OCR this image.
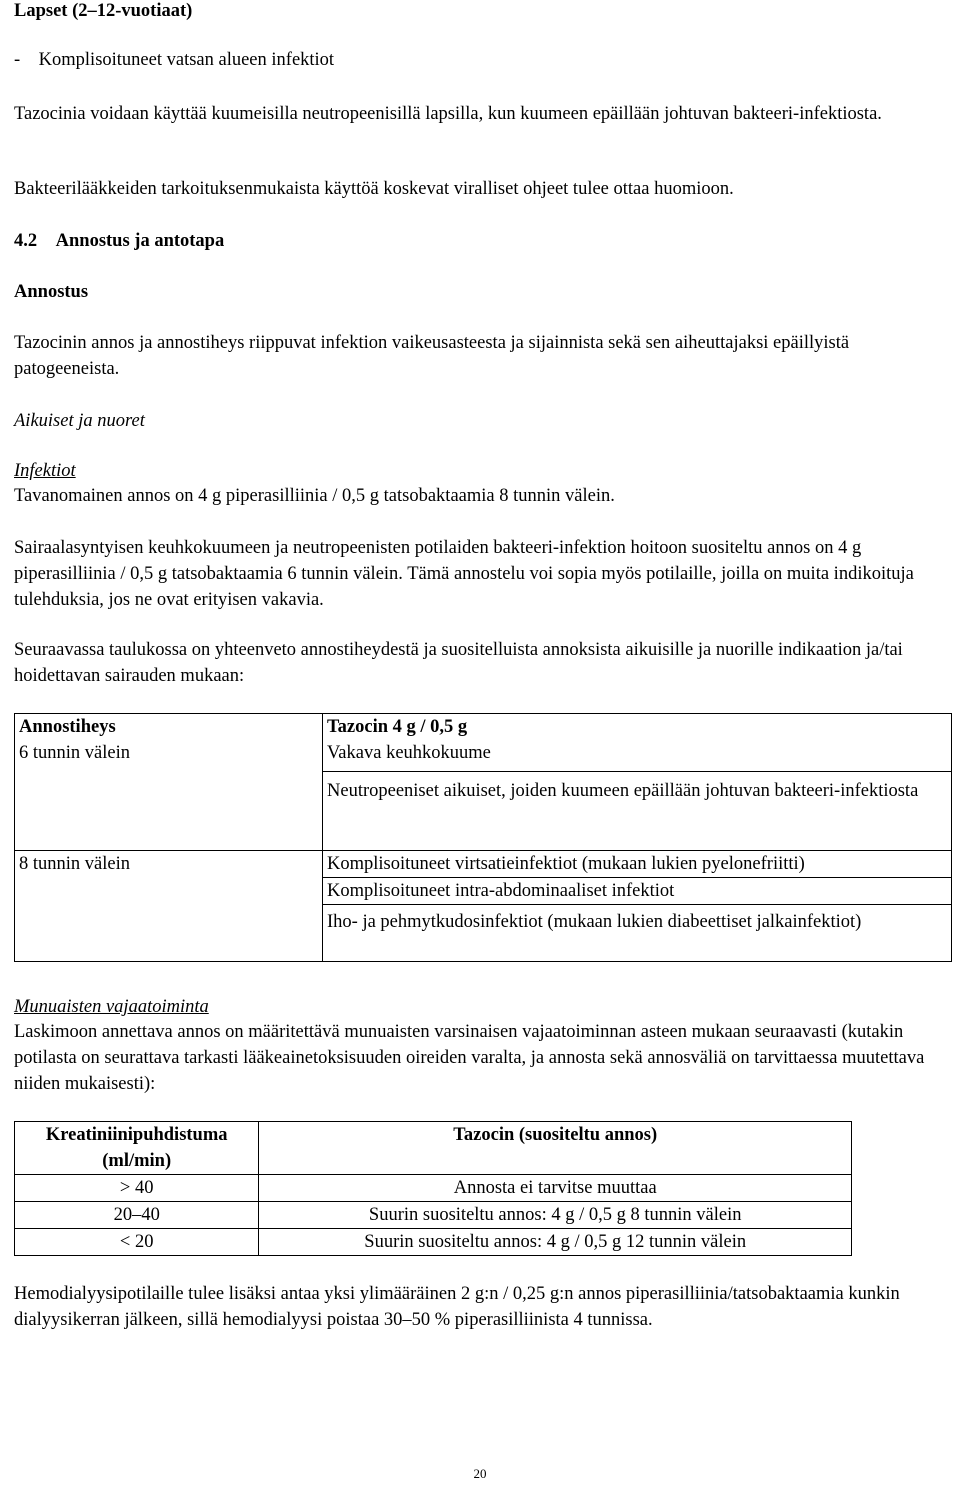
Lapset (2–12-vuotiaat)

- Komplisoituneet vatsan alueen infektiot

Tazocinia voidaan käyttää kuumeisilla neutropeenisillä lapsilla, kun kuumeen epäillään johtuvan bakteeri-infektiosta.

Bakteerilääkkeiden tarkoituksenmukaista käyttöä koskevat viralliset ohjeet tulee ottaa huomioon.

4.2 Annostus ja antotapa

Annostus

Tazocinin annos ja annostiheys riippuvat infektion vaikeusasteesta ja sijainnista sekä sen aiheuttajaksi epäillyistä patogeeneista.

Aikuiset ja nuoret

Infektiot

Tavanomainen annos on 4 g piperasilliinia / 0,5 g tatsobaktaamia 8 tunnin välein.

Sairaalasyntyisen keuhkokuumeen ja neutropeenisten potilaiden bakteeri-infektion hoitoon suositeltu annos on 4 g piperasilliinia / 0,5 g tatsobaktaamia 6 tunnin välein. Tämä annostelu voi sopia myös potilaille, joilla on muita indikoituja tulehduksia, jos ne ovat erityisen vakavia.

Seuraavassa taulukossa on yhteenveto annostiheydestä ja suositelluista annoksista aikuisille ja nuorille indikaation ja/tai hoidettavan sairauden mukaan:

Annostiheys	Tazocin 4 g / 0,5 g
6 tunnin välein	Vakava keuhkokuume
Neutropeeniset aikuiset, joiden kuumeen epäillään johtuvan bakteeri-infektiosta

8 tunnin välein	Komplisoituneet virtsatieinfektiot (mukaan lukien pyelonefriitti)
Komplisoituneet intra-abdominaaliset infektiot
Iho- ja pehmytkudosinfektiot (mukaan lukien diabeettiset jalkainfektiot)

Munuaisten vajaatoiminta

Laskimoon annettava annos on määritettävä munuaisten varsinaisen vajaatoiminnan asteen mukaan seuraavasti (kutakin potilasta on seurattava tarkasti lääkeainetoksisuuden oireiden varalta, ja annosta sekä annosväliä on tarvittaessa muutettava niiden mukaisesti):

Kreatiniinipuhdistuma (ml/min)	Tazocin (suositeltu annos)
> 40	Annosta ei tarvitse muuttaa
20–40	Suurin suositeltu annos: 4 g / 0,5 g 8 tunnin välein
< 20	Suurin suositeltu annos: 4 g / 0,5 g 12 tunnin välein

Hemodialyysipotilaille tulee lisäksi antaa yksi ylimääräinen 2 g:n / 0,25 g:n annos piperasilliinia/tatsobaktaamia kunkin dialyysikerran jälkeen, sillä hemodialyysi poistaa 30–50 % piperasilliinista 4 tunnissa.

20
